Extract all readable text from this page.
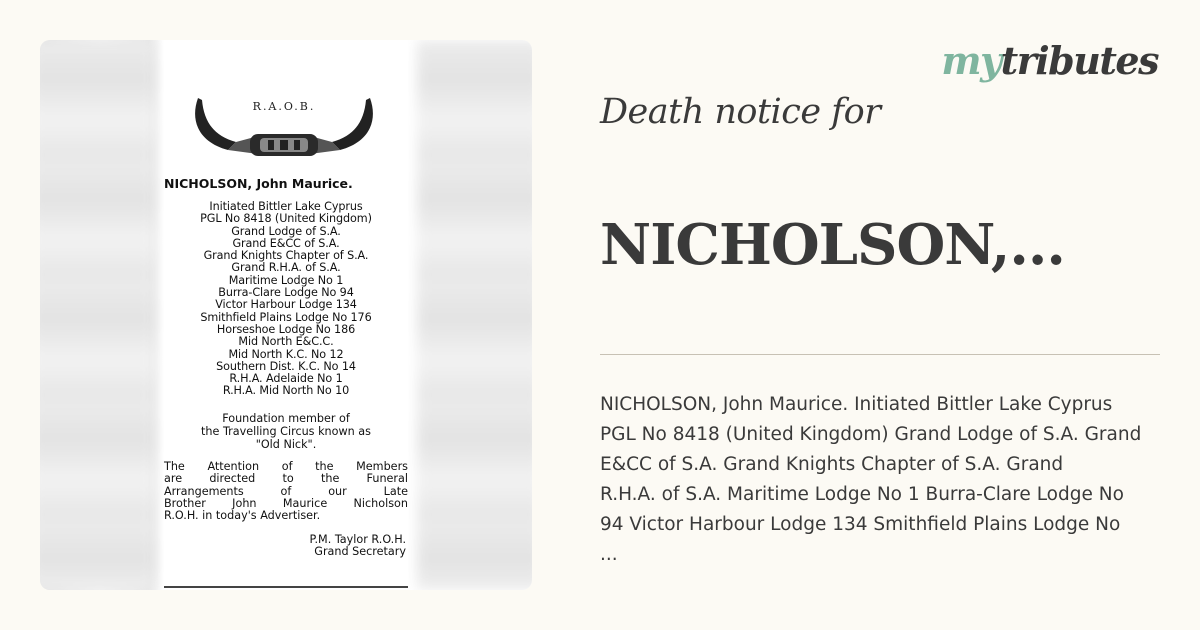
R.A.O.B.
NICHOLSON, John Maurice.
Initiated Bittler Lake Cyprus
PGL No 8418 (United Kingdom)
Grand Lodge of S.A.
Grand E&CC of S.A.
Grand Knights Chapter of S.A.
Grand R.H.A. of S.A.
Maritime Lodge No 1
Burra-Clare Lodge No 94
Victor Harbour Lodge 134
Smithfield Plains Lodge No 176
Horseshoe Lodge No 186
Mid North E&C.C.
Mid North K.C. No 12
Southern Dist. K.C. No 14
R.H.A. Adelaide No 1
R.H.A. Mid North No 10
Foundation member of
the Travelling Circus known as
"Old Nick".
The Attention of the Members
are directed to the Funeral
Arrangements of our Late
Brother John Maurice Nicholson
R.O.H. in today's Advertiser.
P.M. Taylor R.O.H.
Grand Secretary
mytributes
Death notice for
NICHOLSON,...
NICHOLSON, John Maurice. Initiated Bittler Lake Cyprus
PGL No 8418 (United Kingdom) Grand Lodge of S.A. Grand
E&CC of S.A. Grand Knights Chapter of S.A. Grand
R.H.A. of S.A. Maritime Lodge No 1 Burra-Clare Lodge No
94 Victor Harbour Lodge 134 Smithfield Plains Lodge No
...
